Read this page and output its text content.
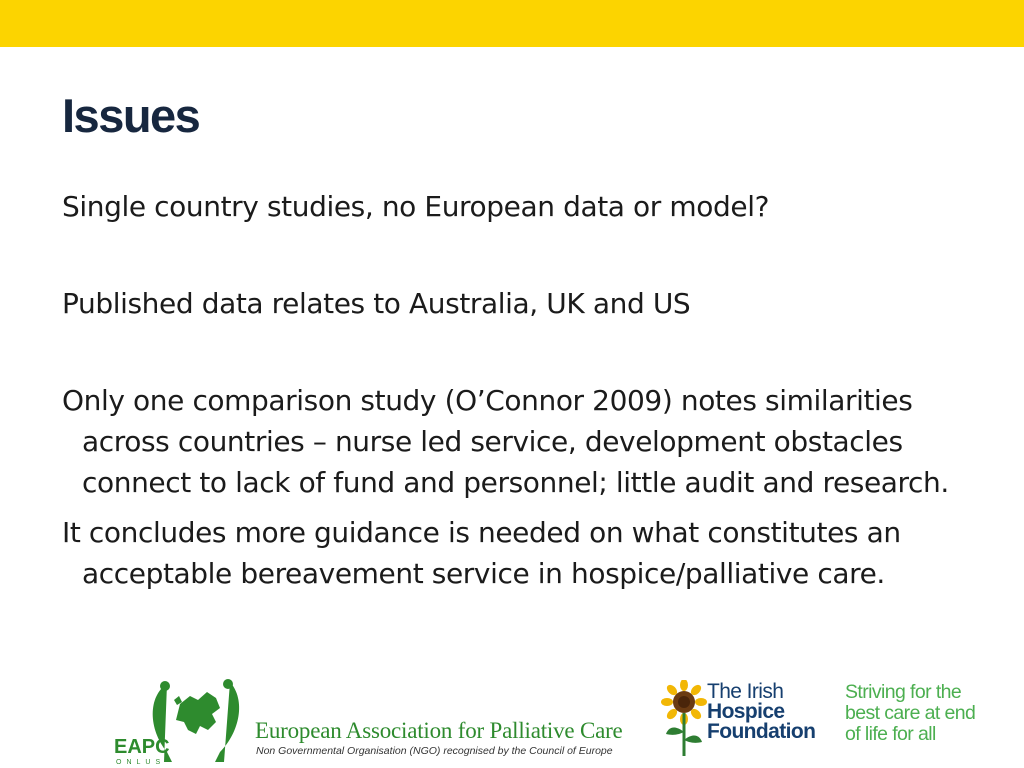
Issues
Single country studies, no European data or model?
Published data relates to Australia, UK and US
Only one comparison study (O’Connor 2009) notes similarities across countries – nurse led service, development obstacles connect to lack of fund and personnel; little audit and research.
It concludes more guidance is needed on what constitutes an acceptable bereavement service in hospice/palliative care.
EAPC
ONLUS
European Association for Palliative Care
Non Governmental Organisation (NGO) recognised by the Council of Europe
The Irish
Hospice
Foundation
Striving for the
best care at end
of life for all
